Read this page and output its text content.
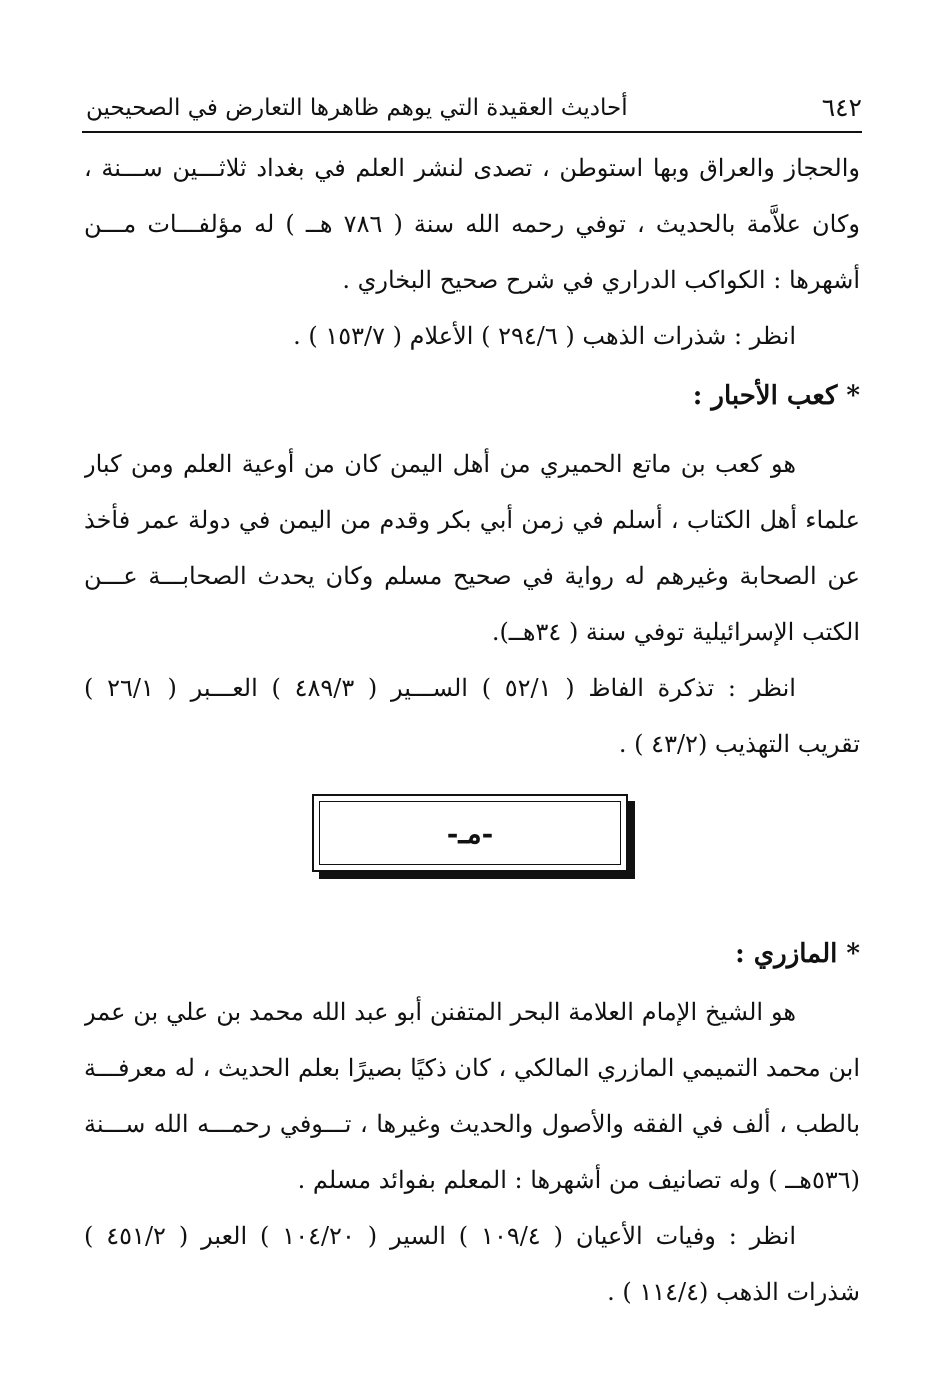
٦٤٢
أحاديث العقيدة التي يوهم ظاهرها التعارض في الصحيحين
والحجاز والعراق وبها استوطن ، تصدى لنشر العلم في بغداد ثلاثـــين ســـنة ،
وكان علاَّمة بالحديث ، توفي رحمه الله سنة ( ٧٨٦ هــ ) له مؤلفـــات مـــن
أشهرها : الكواكب الدراري في شرح صحيح البخاري .
انظر : شذرات الذهب ( ٢٩٤/٦ ) الأعلام ( ١٥٣/٧ ) .
* كعب الأحبار :
هو كعب بن ماتع الحميري من أهل اليمن كان من أوعية العلم ومن كبار
علماء أهل الكتاب ، أسلم في زمن أبي بكر وقدم من اليمن في دولة عمر فأخذ
عن الصحابة وغيرهم له رواية في صحيح مسلم وكان يحدث الصحابـــة عـــن
الكتب الإسرائيلية توفي سنة ( ٣٤هــ).
انظر : تذكرة الفاظ ( ٥٢/١ ) الســـير ( ٤٨٩/٣ ) العـــبر ( ٢٦/١ )
تقريب التهذيب (٤٣/٢ ) .
-مـ-
* المازري :
هو الشيخ الإمام العلامة البحر المتفنن أبو عبد الله محمد بن علي بن عمر
ابن محمد التميمي المازري المالكي ، كان ذكيًا بصيرًا بعلم الحديث ، له معرفـــة
بالطب ، ألف في الفقه والأصول والحديث وغيرها ، تـــوفي رحمـــه الله ســـنة
(٥٣٦هــ ) وله تصانيف من أشهرها : المعلم بفوائد مسلم .
انظر : وفيات الأعيان ( ١٠٩/٤ ) السير ( ١٠٤/٢٠ ) العبر ( ٤٥١/٢ )
شذرات الذهب (١١٤/٤ ) .
